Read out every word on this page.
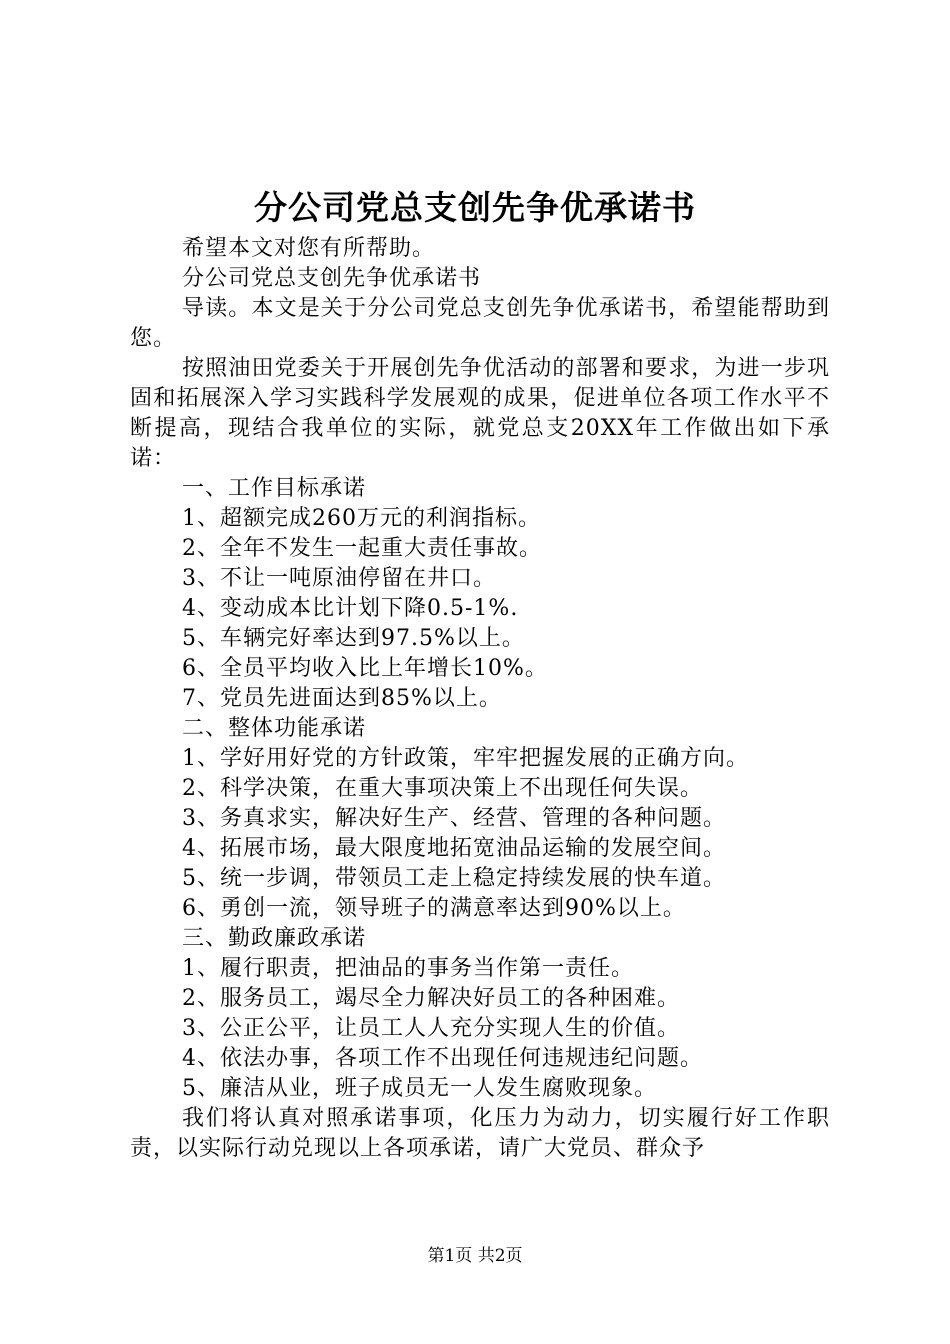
分公司党总支创先争优承诺书

希望本文对您有所帮助。

分公司党总支创先争优承诺书

导读。本文是关于分公司党总支创先争优承诺书，希望能帮助到您。

按照油田党委关于开展创先争优活动的部署和要求，为进一步巩固和拓展深入学习实践科学发展观的成果，促进单位各项工作水平不断提高，现结合我单位的实际，就党总支20XX年工作做出如下承诺：

一、工作目标承诺

1、超额完成260万元的利润指标。

2、全年不发生一起重大责任事故。

3、不让一吨原油停留在井口。

4、变动成本比计划下降0.5-1%.

5、车辆完好率达到97.5%以上。

6、全员平均收入比上年增长10%。

7、党员先进面达到85%以上。

二、整体功能承诺

1、学好用好党的方针政策，牢牢把握发展的正确方向。

2、科学决策，在重大事项决策上不出现任何失误。

3、务真求实，解决好生产、经营、管理的各种问题。

4、拓展市场，最大限度地拓宽油品运输的发展空间。

5、统一步调，带领员工走上稳定持续发展的快车道。

6、勇创一流，领导班子的满意率达到90%以上。

三、勤政廉政承诺

1、履行职责，把油品的事务当作第一责任。

2、服务员工，竭尽全力解决好员工的各种困难。

3、公正公平，让员工人人充分实现人生的价值。

4、依法办事，各项工作不出现任何违规违纪问题。

5、廉洁从业，班子成员无一人发生腐败现象。

我们将认真对照承诺事项，化压力为动力，切实履行好工作职责，以实际行动兑现以上各项承诺，请广大党员、群众予

第1页 共2页
